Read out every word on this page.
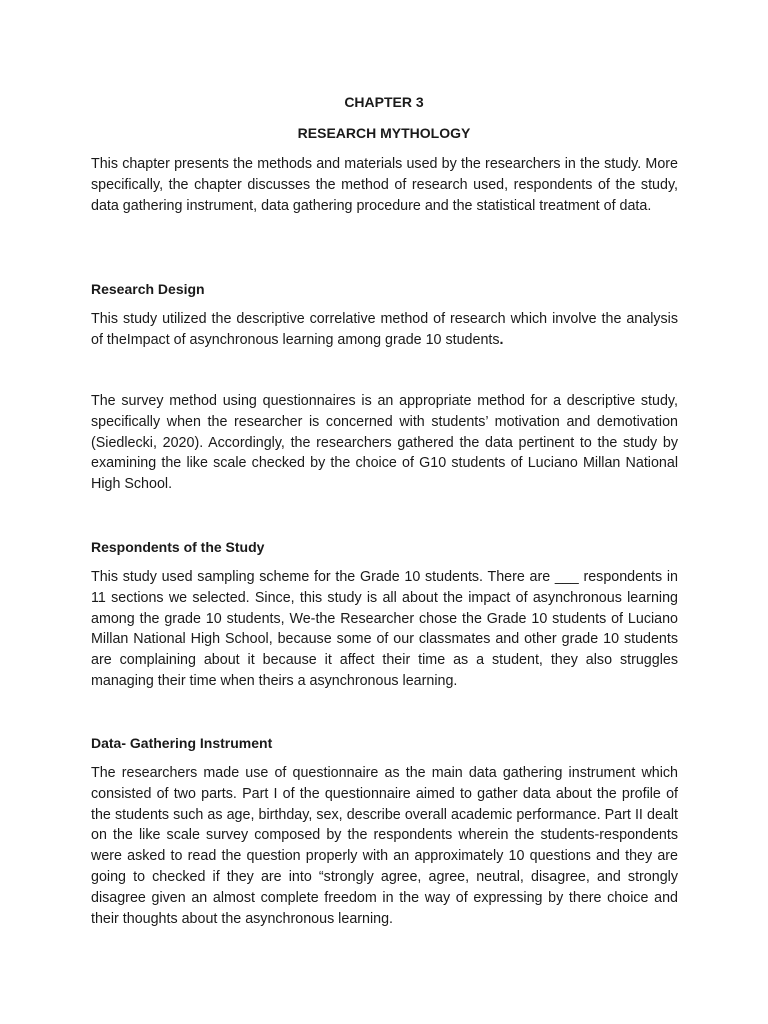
CHAPTER 3
RESEARCH MYTHOLOGY

This chapter presents the methods and materials used by the researchers in the study. More specifically, the chapter discusses the method of research used, respondents of the study, data gathering instrument, data gathering procedure and the statistical treatment of data.

Research Design

This study utilized the descriptive correlative method of research which involve the analysis of theImpact of asynchronous learning among grade 10 students.

The survey method using questionnaires is an appropriate method for a descriptive study, specifically when the researcher is concerned with students’ motivation and demotivation (Siedlecki, 2020). Accordingly, the researchers gathered the data pertinent to the study by examining the like scale checked by the choice of G10 students of Luciano Millan National High School.

Respondents of the Study

This study used sampling scheme for the Grade 10 students. There are ___ respondents in 11 sections we selected. Since, this study is all about the impact of asynchronous learning among the grade 10 students, We-the Researcher chose the Grade 10 students of Luciano Millan National High School, because some of our classmates and other grade 10 students are complaining about it because it affect their time as a student, they also struggles managing their time when theirs a asynchronous learning.

Data- Gathering Instrument

The researchers made use of questionnaire as the main data gathering instrument which consisted of two parts. Part I of the questionnaire aimed to gather data about the profile of the students such as age, birthday, sex, describe overall academic performance. Part II dealt on the like scale survey composed by the respondents wherein the students-respondents were asked to read the question properly with an approximately 10 questions and they are going to checked if they are into “strongly agree, agree, neutral, disagree, and strongly disagree given an almost complete freedom in the way of expressing by there choice and their thoughts about the asynchronous learning.
